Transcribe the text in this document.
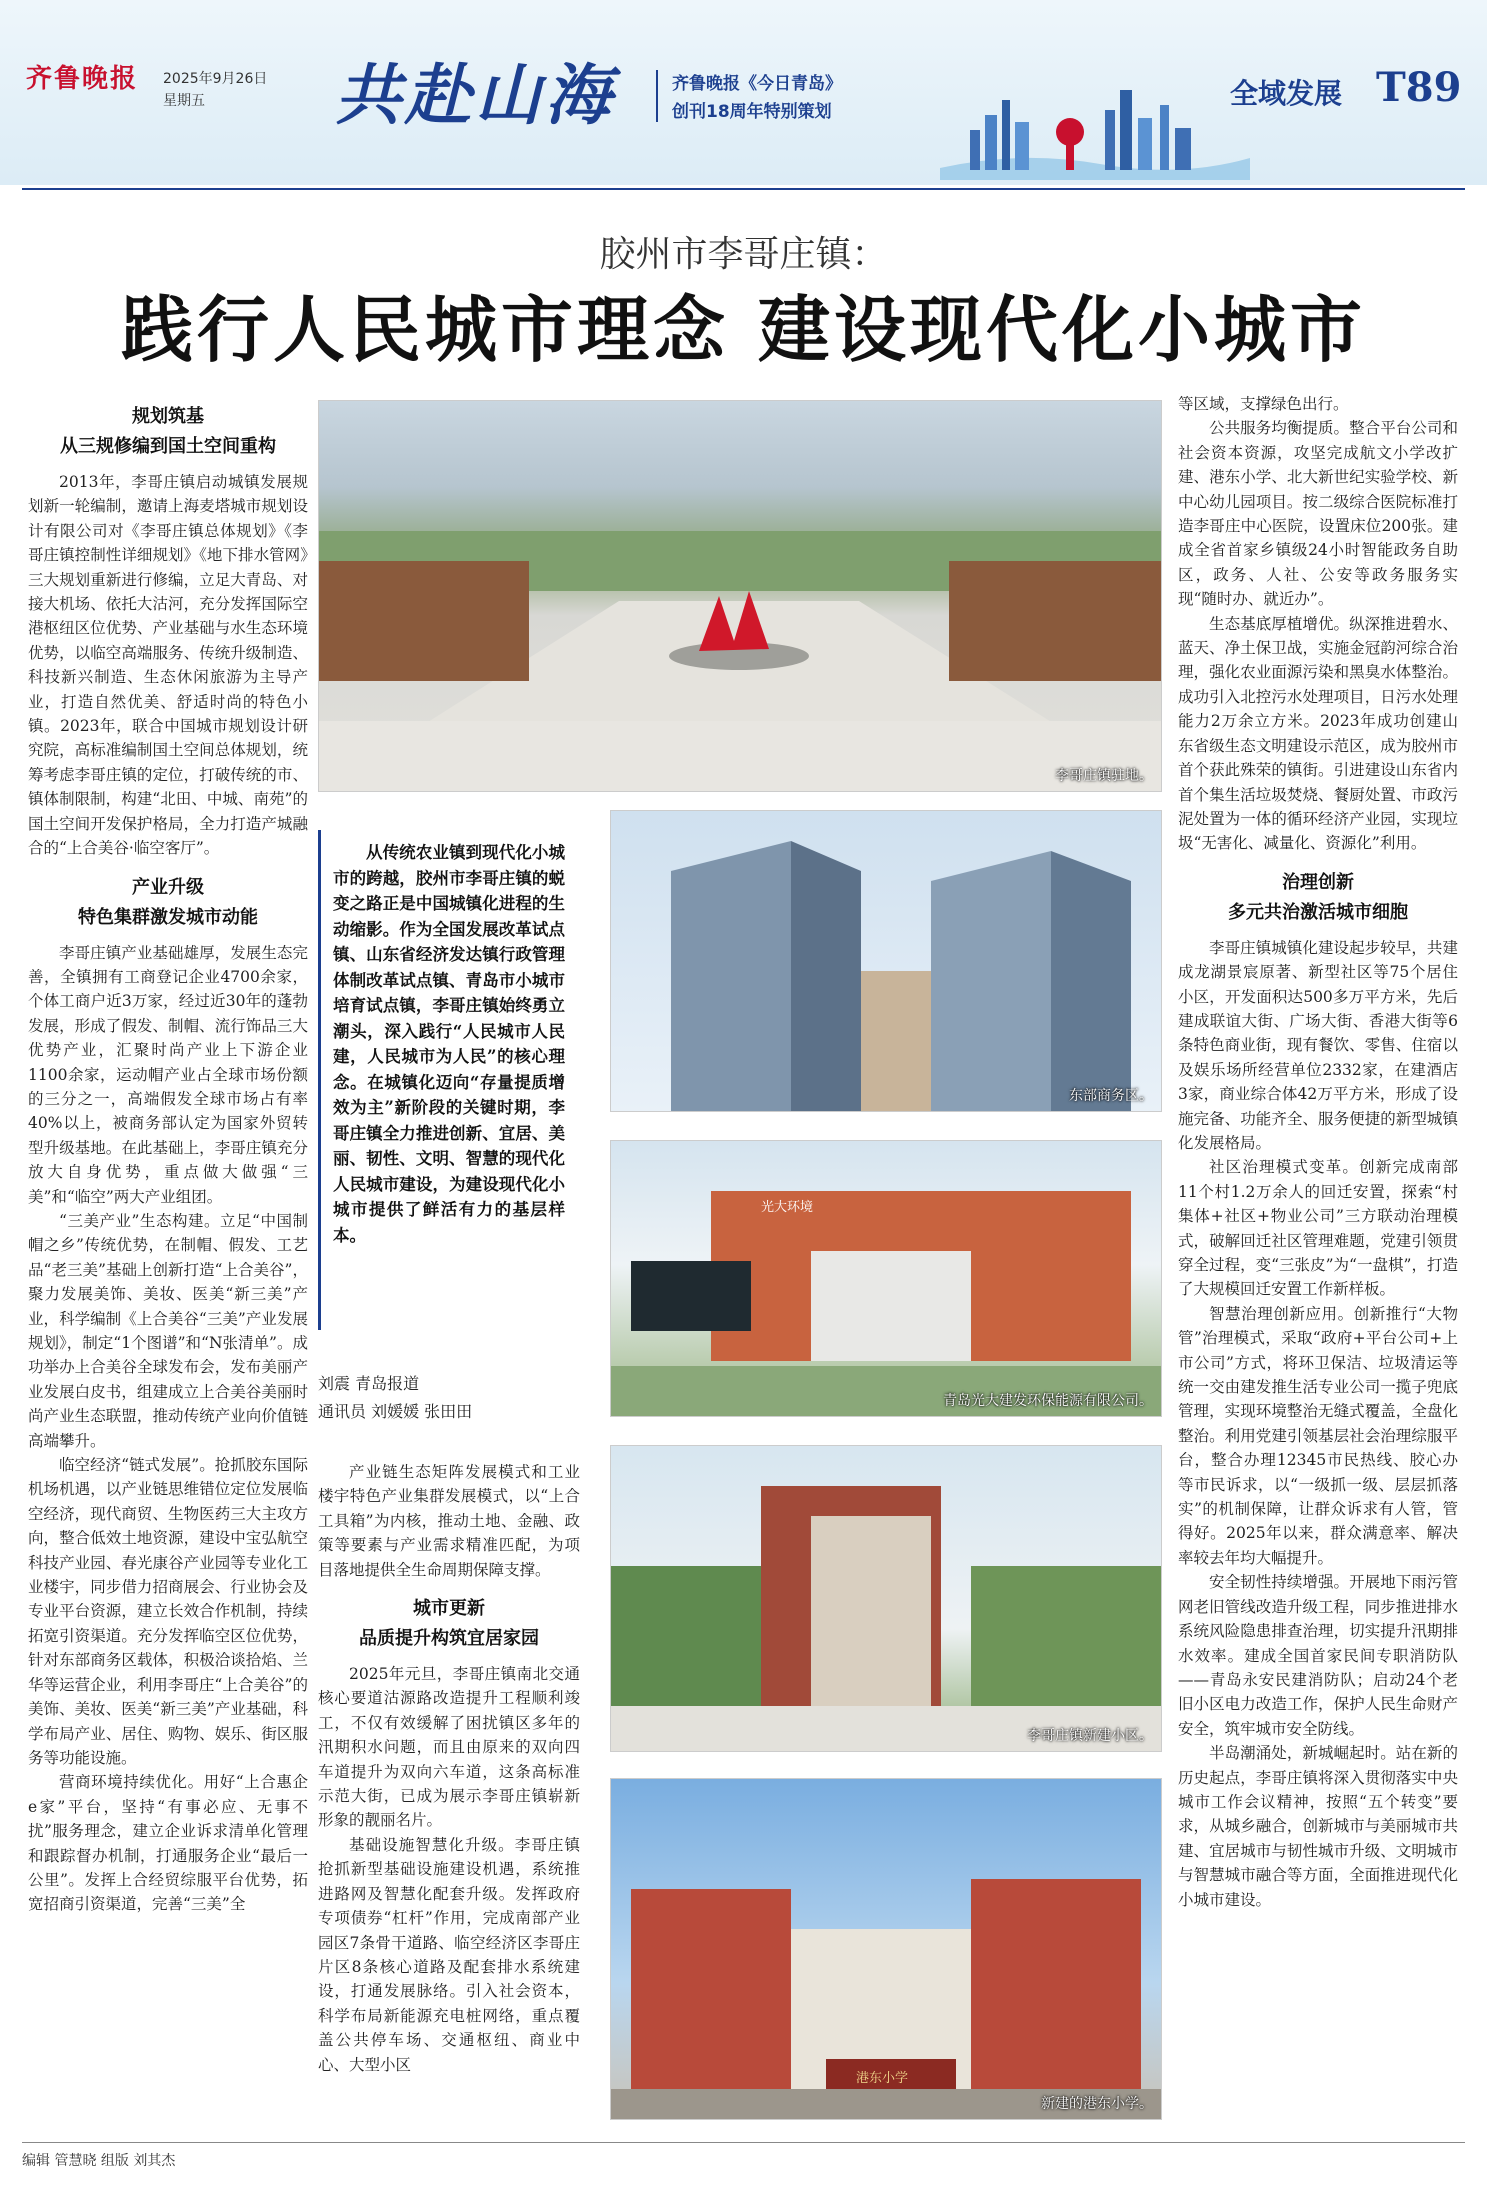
齐鲁晚报 2025年9月26日
星期五	共赴山海	齐鲁晚报《今日青岛》
创刊18周年特别策划
全域发展 T89
胶州市李哥庄镇：
践行人民城市理念 建设现代化小城市
规划筑基
从三规修编到国土空间重构

2013年，李哥庄镇启动城镇发展规划新一轮编制，邀请上海麦塔城市规划设计有限公司对《李哥庄镇总体规划》《李哥庄镇控制性详细规划》《地下排水管网》三大规划重新进行修编，立足大青岛、对接大机场、依托大沽河，充分发挥国际空港枢纽区位优势、产业基础与水生态环境优势，以临空高端服务、传统升级制造、科技新兴制造、生态休闲旅游为主导产业，打造自然优美、舒适时尚的特色小镇。2023年，联合中国城市规划设计研究院，高标准编制国土空间总体规划，统筹考虑李哥庄镇的定位，打破传统的市、镇体制限制，构建“北田、中城、南苑”的国土空间开发保护格局，全力打造产城融合的“上合美谷·临空客厅”。

产业升级
特色集群激发城市动能

李哥庄镇产业基础雄厚，发展生态完善，全镇拥有工商登记企业4700余家，个体工商户近3万家，经过近30年的蓬勃发展，形成了假发、制帽、流行饰品三大优势产业，汇聚时尚产业上下游企业1100余家，运动帽产业占全球市场份额的三分之一，高端假发全球市场占有率40%以上，被商务部认定为国家外贸转型升级基地。在此基础上，李哥庄镇充分放大自身优势，重点做大做强“三美”和“临空”两大产业组团。

“三美产业”生态构建。立足“中国制帽之乡”传统优势，在制帽、假发、工艺品“老三美”基础上创新打造“上合美谷”，聚力发展美饰、美妆、医美“新三美”产业，科学编制《上合美谷“三美”产业发展规划》，制定“1个图谱”和“N张清单”。成功举办上合美谷全球发布会，发布美丽产业发展白皮书，组建成立上合美谷美丽时尚产业生态联盟，推动传统产业向价值链高端攀升。

临空经济“链式发展”。抢抓胶东国际机场机遇，以产业链思维错位定位发展临空经济，现代商贸、生物医药三大主攻方向，整合低效土地资源，建设中宝弘航空科技产业园、春光康谷产业园等专业化工业楼宇，同步借力招商展会、行业协会及专业平台资源，建立长效合作机制，持续拓宽引资渠道。充分发挥临空区位优势，针对东部商务区载体，积极洽谈拾焰、兰华等运营企业，利用李哥庄“上合美谷”的美饰、美妆、医美“新三美”产业基础，科学布局产业、居住、购物、娱乐、街区服务等功能设施。

营商环境持续优化。用好“上合惠企e家”平台，坚持“有事必应、无事不扰”服务理念，建立企业诉求清单化管理和跟踪督办机制，打通服务企业“最后一公里”。发挥上合经贸综服平台优势，拓宽招商引资渠道，完善“三美”全

李哥庄镇驻地。

从传统农业镇到现代化小城市的跨越，胶州市李哥庄镇的蜕变之路正是中国城镇化进程的生动缩影。作为全国发展改革试点镇、山东省经济发达镇行政管理体制改革试点镇、青岛市小城市培育试点镇，李哥庄镇始终勇立潮头，深入践行“人民城市人民建，人民城市为人民”的核心理念。在城镇化迈向“存量提质增效为主”新阶段的关键时期，李哥庄镇全力推进创新、宜居、美丽、韧性、文明、智慧的现代化人民城市建设，为建设现代化小城市提供了鲜活有力的基层样本。

刘震 青岛报道
通讯员 刘媛媛 张田田

产业链生态矩阵发展模式和工业楼宇特色产业集群发展模式，以“上合工具箱”为内核，推动土地、金融、政策等要素与产业需求精准匹配，为项目落地提供全生命周期保障支撑。

城市更新
品质提升构筑宜居家园

2025年元旦，李哥庄镇南北交通核心要道沽源路改造提升工程顺利竣工，不仅有效缓解了困扰镇区多年的汛期积水问题，而且由原来的双向四车道提升为双向六车道，这条高标准示范大街，已成为展示李哥庄镇崭新形象的靓丽名片。

基础设施智慧化升级。李哥庄镇抢抓新型基础设施建设机遇，系统推进路网及智慧化配套升级。发挥政府专项债券“杠杆”作用，完成南部产业园区7条骨干道路、临空经济区李哥庄片区8条核心道路及配套排水系统建设，打通发展脉络。引入社会资本，科学布局新能源充电桩网络，重点覆盖公共停车场、交通枢纽、商业中心、大型小区

东部商务区。
光大环境
青岛光大建发环保能源有限公司。
李哥庄镇新建小区。
港东小学
新建的港东小学。

等区域，支撑绿色出行。

公共服务均衡提质。整合平台公司和社会资本资源，攻坚完成航文小学改扩建、港东小学、北大新世纪实验学校、新中心幼儿园项目。按二级综合医院标准打造李哥庄中心医院，设置床位200张。建成全省首家乡镇级24小时智能政务自助区，政务、人社、公安等政务服务实现“随时办、就近办”。

生态基底厚植增优。纵深推进碧水、蓝天、净土保卫战，实施金冠韵河综合治理，强化农业面源污染和黑臭水体整治。成功引入北控污水处理项目，日污水处理能力2万余立方米。2023年成功创建山东省级生态文明建设示范区，成为胶州市首个获此殊荣的镇街。引进建设山东省内首个集生活垃圾焚烧、餐厨处置、市政污泥处置为一体的循环经济产业园，实现垃圾“无害化、减量化、资源化”利用。

治理创新
多元共治激活城市细胞

李哥庄镇城镇化建设起步较早，共建成龙湖景宸原著、新型社区等75个居住小区，开发面积达500多万平方米，先后建成联谊大街、广场大街、香港大街等6条特色商业街，现有餐饮、零售、住宿以及娱乐场所经营单位2332家，在建酒店3家，商业综合体42万平方米，形成了设施完备、功能齐全、服务便捷的新型城镇化发展格局。

社区治理模式变革。创新完成南部11个村1.2万余人的回迁安置，探索“村集体+社区+物业公司”三方联动治理模式，破解回迁社区管理难题，党建引领贯穿全过程，变“三张皮”为“一盘棋”，打造了大规模回迁安置工作新样板。

智慧治理创新应用。创新推行“大物管”治理模式，采取“政府+平台公司+上市公司”方式，将环卫保洁、垃圾清运等统一交由建发推生活专业公司一揽子兜底管理，实现环境整治无缝式覆盖，全盘化整治。利用党建引领基层社会治理综服平台，整合办理12345市民热线、胶心办等市民诉求，以“一级抓一级、层层抓落实”的机制保障，让群众诉求有人管，管得好。2025年以来，群众满意率、解决率较去年均大幅提升。

安全韧性持续增强。开展地下雨污管网老旧管线改造升级工程，同步推进排水系统风险隐患排查治理，切实提升汛期排水效率。建成全国首家民间专职消防队——青岛永安民建消防队；启动24个老旧小区电力改造工作，保护人民生命财产安全，筑牢城市安全防线。

半岛潮涌处，新城崛起时。站在新的历史起点，李哥庄镇将深入贯彻落实中央城市工作会议精神，按照“五个转变”要求，从城乡融合，创新城市与美丽城市共建、宜居城市与韧性城市升级、文明城市与智慧城市融合等方面，全面推进现代化小城市建设。

编辑 管慧晓 组版 刘其杰
